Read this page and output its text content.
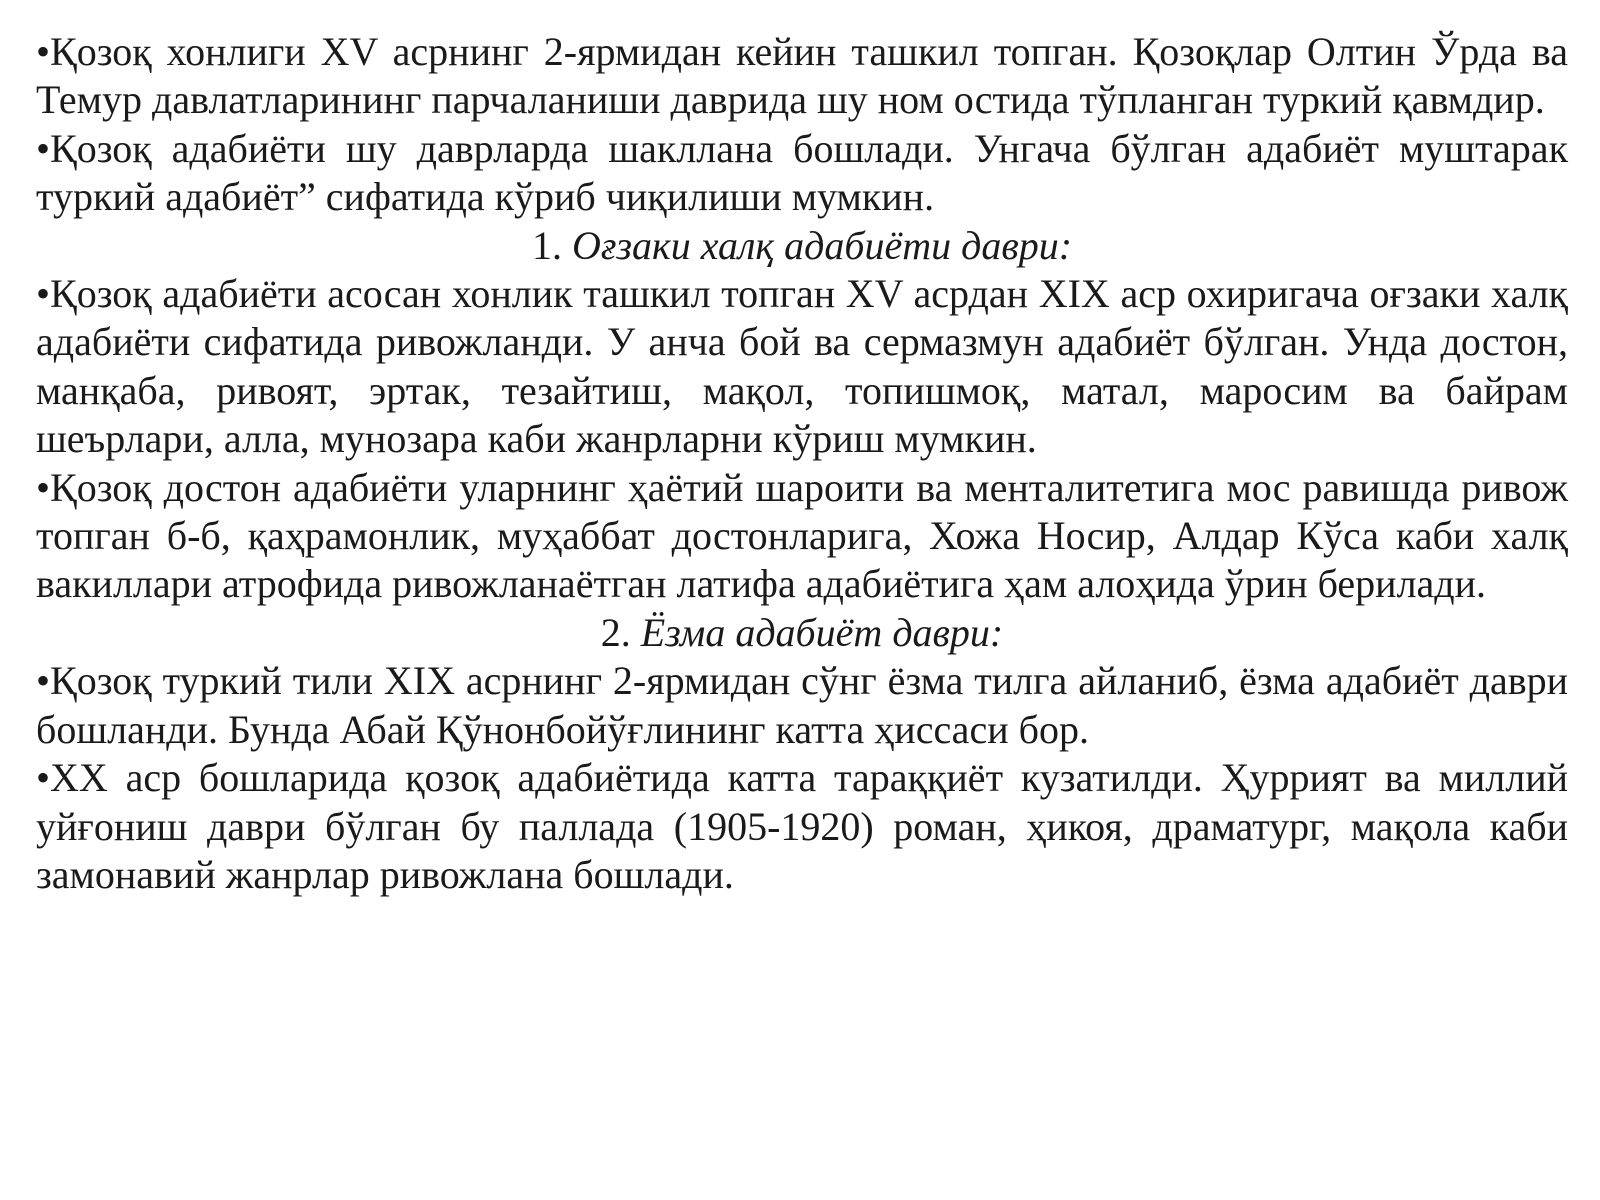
•Қозоқ хонлиги XV асрнинг 2-ярмидан кейин ташкил топган. Қозоқлар Олтин Ўрда ва Темур давлатларининг парчаланиши даврида шу ном остида тўпланган туркий қавмдир.

•Қозоқ адабиёти шу даврларда шакллана бошлади. Унгача бўлган адабиёт муштарак туркий адабиёт” сифатида кўриб чиқилиши мумкин.

1. Оғзаки халқ адабиёти даври:

•Қозоқ адабиёти асосан хонлик ташкил топган XV асрдан XIX аср охиригача оғзаки халқ адабиёти сифатида ривожланди. У анча бой ва сермазмун адабиёт бўлган. Унда достон, манқаба, ривоят, эртак, тезайтиш, мақол, топишмоқ, матал, маросим ва байрам шеърлари, алла, мунозара каби жанрларни кўриш мумкин.

•Қозоқ достон адабиёти уларнинг ҳаётий шароити ва менталитетига мос равишда ривож топган б-б, қаҳрамонлик, муҳаббат достонларига, Хожа Носир, Алдар Кўса каби халқ вакиллари атрофида ривожланаётган латифа адабиётига ҳам алоҳида ўрин берилади.

2. Ёзма адабиёт даври:

•Қозоқ туркий тили XIX асрнинг 2-ярмидан сўнг ёзма тилга айланиб, ёзма адабиёт даври бошланди. Бунда Абай Қўнонбойўғлининг катта ҳиссаси бор.

•XX аср бошларида қозоқ адабиётида катта тараққиёт кузатилди. Ҳуррият ва миллий уйғониш даври бўлган бу паллада (1905-1920) роман, ҳикоя, драматург, мақола каби замонавий жанрлар ривожлана бошлади.
